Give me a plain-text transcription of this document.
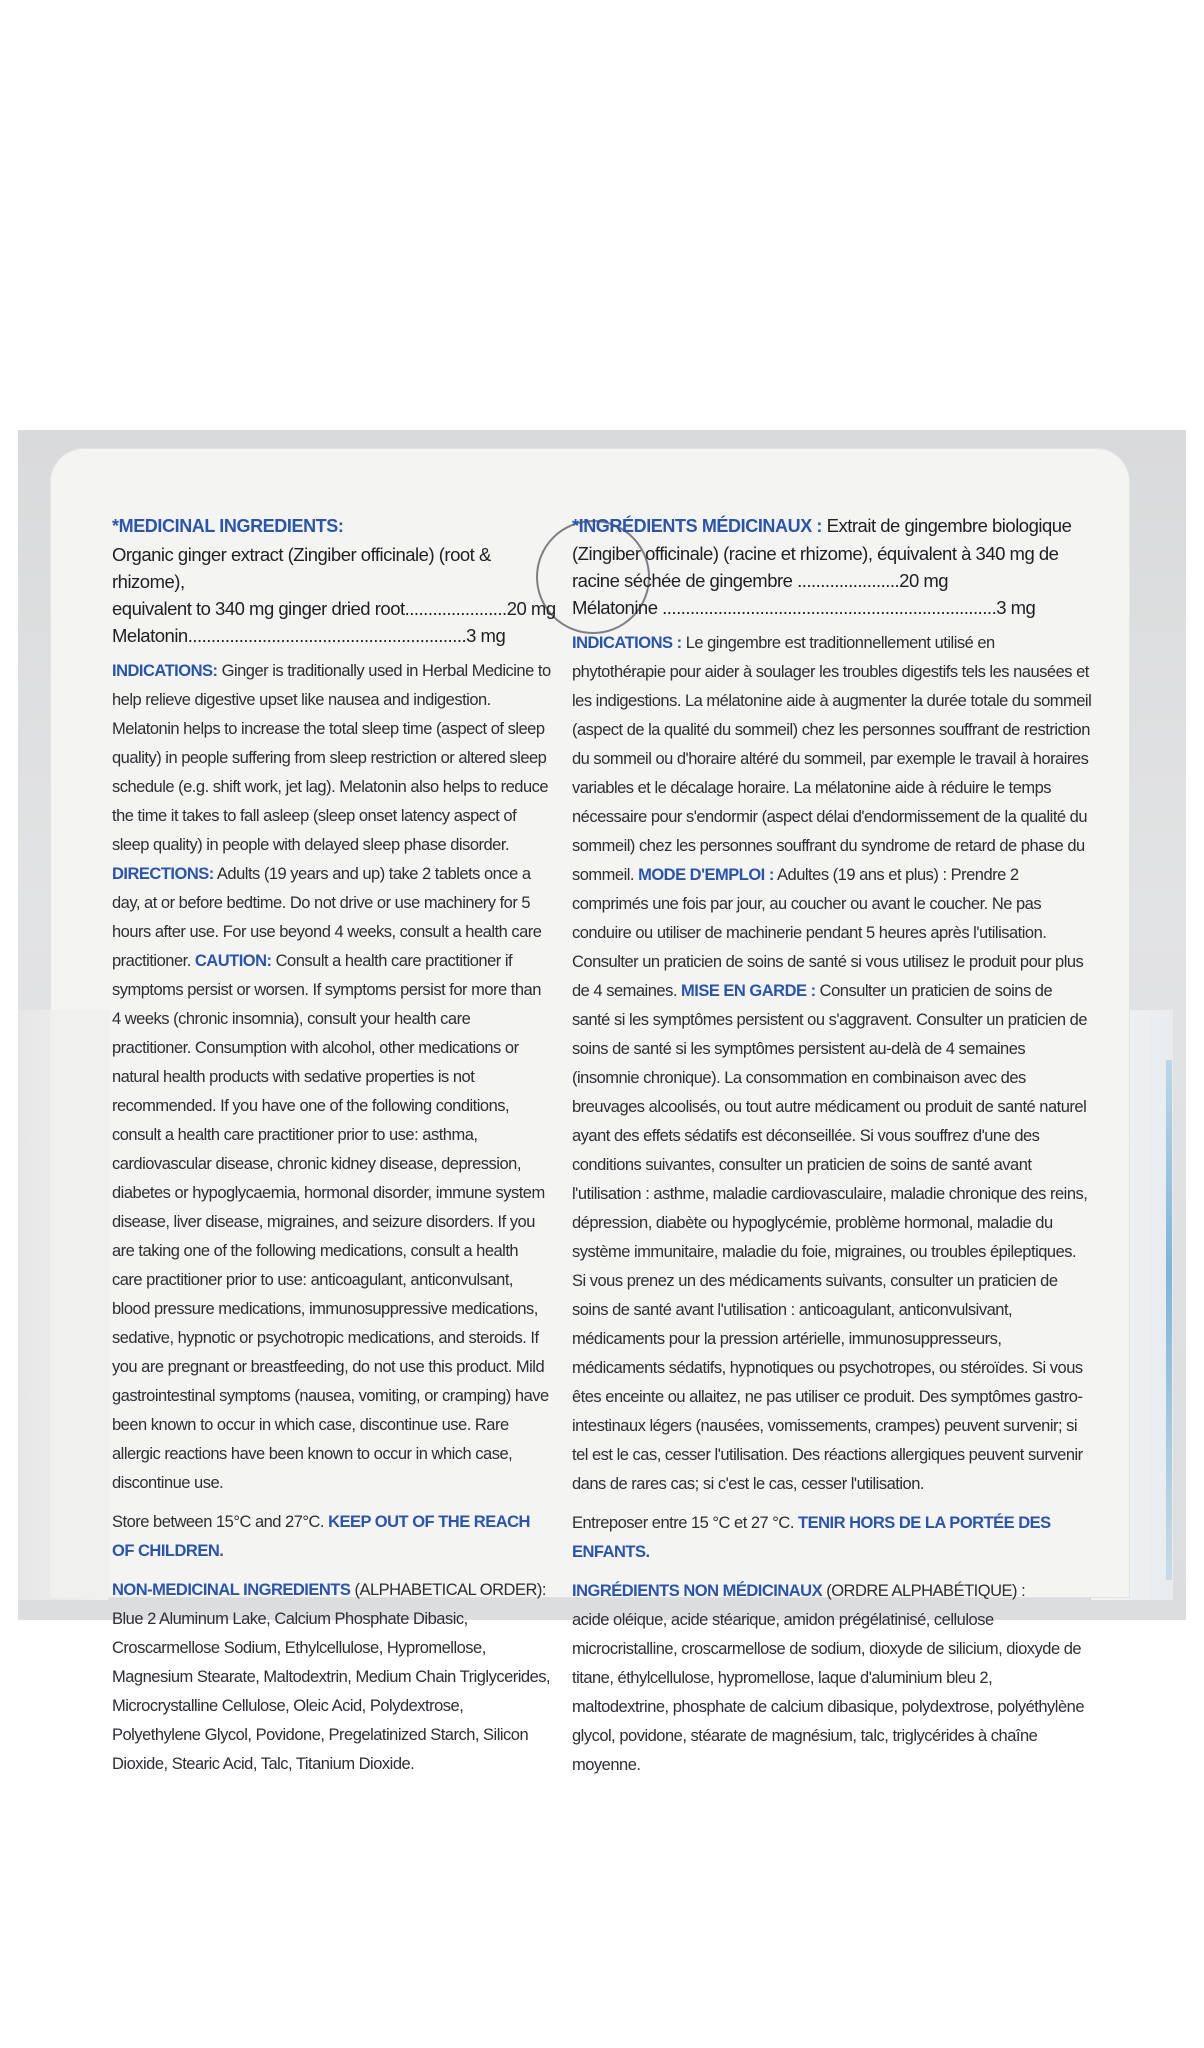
*MEDICINAL INGREDIENTS:

Organic ginger extract (Zingiber officinale) (root & rhizome),

equivalent to 340 mg ginger dried root......................20 mg

Melatonin............................................................3 mg

INDICATIONS: Ginger is traditionally used in Herbal Medicine to help relieve digestive upset like nausea and indigestion. Melatonin helps to increase the total sleep time (aspect of sleep quality) in people suffering from sleep restriction or altered sleep schedule (e.g. shift work, jet lag). Melatonin also helps to reduce the time it takes to fall asleep (sleep onset latency aspect of sleep quality) in people with delayed sleep phase disorder. DIRECTIONS: Adults (19 years and up) take 2 tablets once a day, at or before bedtime. Do not drive or use machinery for 5 hours after use. For use beyond 4 weeks, consult a health care practitioner. CAUTION: Consult a health care practitioner if symptoms persist or worsen. If symptoms persist for more than 4 weeks (chronic insomnia), consult your health care practitioner. Consumption with alcohol, other medications or natural health products with sedative properties is not recommended. If you have one of the following conditions, consult a health care practitioner prior to use: asthma, cardiovascular disease, chronic kidney disease, depression, diabetes or hypoglycaemia, hormonal disorder, immune system disease, liver disease, migraines, and seizure disorders. If you are taking one of the following medications, consult a health care practitioner prior to use: anticoagulant, anticonvulsant, blood pressure medications, immunosuppressive medications, sedative, hypnotic or psychotropic medications, and steroids. If you are pregnant or breastfeeding, do not use this product. Mild gastrointestinal symptoms (nausea, vomiting, or cramping) have been known to occur in which case, discontinue use. Rare allergic reactions have been known to occur in which case, discontinue use.

Store between 15°C and 27°C. KEEP OUT OF THE REACH OF CHILDREN.

NON-MEDICINAL INGREDIENTS (ALPHABETICAL ORDER):

Blue 2 Aluminum Lake, Calcium Phosphate Dibasic, Croscarmellose Sodium, Ethylcellulose, Hypromellose, Magnesium Stearate, Maltodextrin, Medium Chain Triglycerides, Microcrystalline Cellulose, Oleic Acid, Polydextrose, Polyethylene Glycol, Povidone, Pregelatinized Starch, Silicon Dioxide, Stearic Acid, Talc, Titanium Dioxide.

*INGRÉDIENTS MÉDICINAUX : Extrait de gingembre biologique (Zingiber officinale) (racine et rhizome), équivalent à 340 mg de racine séchée de gingembre ......................20 mg

Mélatonine ........................................................................3 mg

INDICATIONS : Le gingembre est traditionnellement utilisé en phytothérapie pour aider à soulager les troubles digestifs tels les nausées et les indigestions. La mélatonine aide à augmenter la durée totale du sommeil (aspect de la qualité du sommeil) chez les personnes souffrant de restriction du sommeil ou d'horaire altéré du sommeil, par exemple le travail à horaires variables et le décalage horaire. La mélatonine aide à réduire le temps nécessaire pour s'endormir (aspect délai d'endormissement de la qualité du sommeil) chez les personnes souffrant du syndrome de retard de phase du sommeil. MODE D'EMPLOI : Adultes (19 ans et plus) : Prendre 2 comprimés une fois par jour, au coucher ou avant le coucher. Ne pas conduire ou utiliser de machinerie pendant 5 heures après l'utilisation. Consulter un praticien de soins de santé si vous utilisez le produit pour plus de 4 semaines. MISE EN GARDE : Consulter un praticien de soins de santé si les symptômes persistent ou s'aggravent. Consulter un praticien de soins de santé si les symptômes persistent au-delà de 4 semaines (insomnie chronique). La consommation en combinaison avec des breuvages alcoolisés, ou tout autre médicament ou produit de santé naturel ayant des effets sédatifs est déconseillée. Si vous souffrez d'une des conditions suivantes, consulter un praticien de soins de santé avant l'utilisation : asthme, maladie cardiovasculaire, maladie chronique des reins, dépression, diabète ou hypoglycémie, problème hormonal, maladie du système immunitaire, maladie du foie, migraines, ou troubles épileptiques. Si vous prenez un des médicaments suivants, consulter un praticien de soins de santé avant l'utilisation : anticoagulant, anticonvulsivant, médicaments pour la pression artérielle, immunosuppresseurs, médicaments sédatifs, hypnotiques ou psychotropes, ou stéroïdes. Si vous êtes enceinte ou allaitez, ne pas utiliser ce produit. Des symptômes gastro-intestinaux légers (nausées, vomissements, crampes) peuvent survenir; si tel est le cas, cesser l'utilisation. Des réactions allergiques peuvent survenir dans de rares cas; si c'est le cas, cesser l'utilisation.

Entreposer entre 15 °C et 27 °C. TENIR HORS DE LA PORTÉE DES ENFANTS.

INGRÉDIENTS NON MÉDICINAUX (ORDRE ALPHABÉTIQUE) :

acide oléique, acide stéarique, amidon prégélatinisé, cellulose microcristalline, croscarmellose de sodium, dioxyde de silicium, dioxyde de titane, éthylcellulose, hypromellose, laque d'aluminium bleu 2, maltodextrine, phosphate de calcium dibasique, polydextrose, polyéthylène glycol, povidone, stéarate de magnésium, talc, triglycérides à chaîne moyenne.
